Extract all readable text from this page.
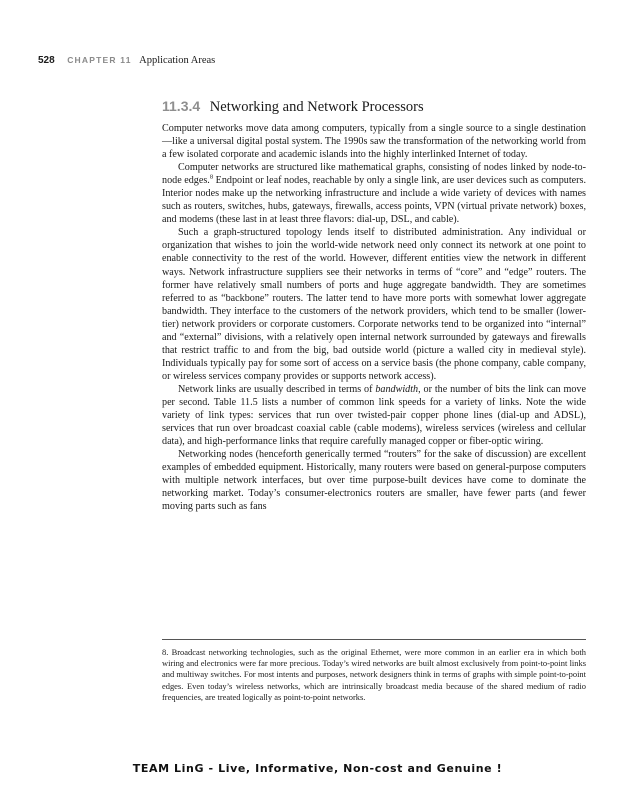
528 CHAPTER 11 Application Areas
11.3.4 Networking and Network Processors

Computer networks move data among computers, typically from a single source to a single destination—like a universal digital postal system. The 1990s saw the transformation of the networking world from a few isolated corporate and academic islands into the highly interlinked Internet of today.

Computer networks are structured like mathematical graphs, consisting of nodes linked by node-to-node edges.$^8$ Endpoint or leaf nodes, reachable by only a single link, are user devices such as computers. Interior nodes make up the networking infrastructure and include a wide variety of devices with names such as routers, switches, hubs, gateways, firewalls, access points, VPN (virtual private network) boxes, and modems (these last in at least three flavors: dial-up, DSL, and cable).

Such a graph-structured topology lends itself to distributed administration. Any individual or organization that wishes to join the world-wide network need only connect its network at one point to enable connectivity to the rest of the world. However, different entities view the network in different ways. Network infrastructure suppliers see their networks in terms of “core” and “edge” routers. The former have relatively small numbers of ports and huge aggregate bandwidth. They are sometimes referred to as “backbone” routers. The latter tend to have more ports with somewhat lower aggregate bandwidth. They interface to the customers of the network providers, which tend to be smaller (lower-tier) network providers or corporate customers. Corporate networks tend to be organized into “internal” and “external” divisions, with a relatively open internal network surrounded by gateways and firewalls that restrict traffic to and from the big, bad outside world (picture a walled city in medieval style). Individuals typically pay for some sort of access on a service basis (the phone company, cable company, or wireless services company provides or supports network access).

Network links are usually described in terms of bandwidth, or the number of bits the link can move per second. Table 11.5 lists a number of common link speeds for a variety of links. Note the wide variety of link types: services that run over twisted-pair copper phone lines (dial-up and ADSL), services that run over broadcast coaxial cable (cable modems), wireless services (wireless and cellular data), and high-performance links that require carefully managed copper or fiber-optic wiring.

Networking nodes (henceforth generically termed “routers” for the sake of discussion) are excellent examples of embedded equipment. Historically, many routers were based on general-purpose computers with multiple network interfaces, but over time purpose-built devices have come to dominate the networking market. Today’s consumer-electronics routers are smaller, have fewer parts (and fewer moving parts such as fans

8. Broadcast networking technologies, such as the original Ethernet, were more common in an earlier era in which both wiring and electronics were far more precious. Today’s wired networks are built almost exclusively from point-to-point links and multiway switches. For most intents and purposes, network designers think in terms of graphs with simple point-to-point edges. Even today’s wireless networks, which are intrinsically broadcast media because of the shared medium of radio frequencies, are treated logically as point-to-point networks.

TEAM LinG - Live, Informative, Non-cost and Genuine !
